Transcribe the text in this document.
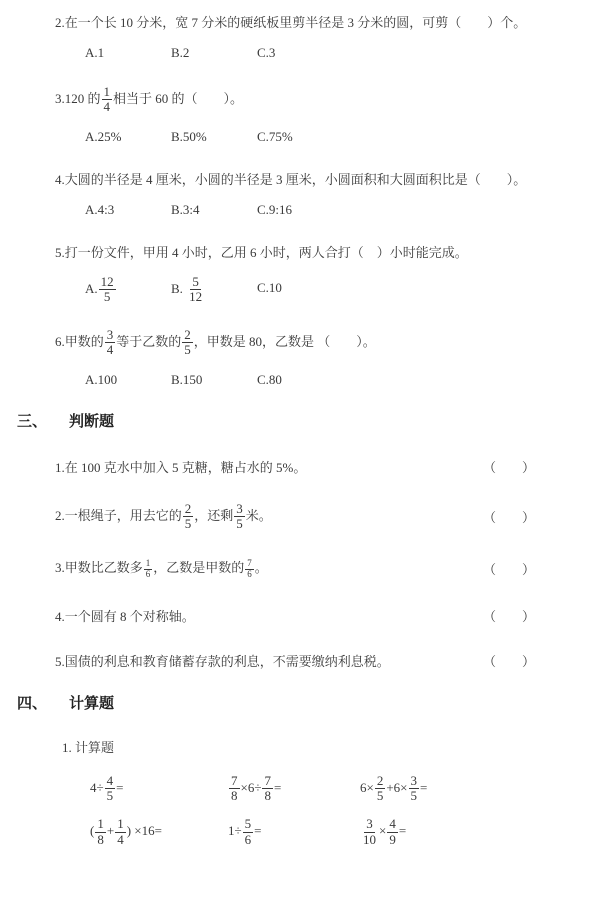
2.在一个长 10 分米，宽 7 分米的硬纸板里剪半径是 3 分米的圆，可剪（　　）个。
A.1	B.2	C.3
3.120 的 $\frac{1}{4}$ 相当于 60 的（　　）。
A.25%	B.50%	C.75%
4.大圆的半径是 4 厘米，小圆的半径是 3 厘米，小圆面积和大圆面积比是（　　）。
A.4:3	B.3:4	C.9:16
5.打一份文件，甲用 4 小时，乙用 6 小时，两人合打（　）小时能完成。
A. $\frac{12}{5}$	B. $\frac{5}{12}$	C.10
6.甲数的 $\frac{3}{4}$ 等于乙数的 $\frac{2}{5}$ ，甲数是 80，乙数是 （　　）。
A.100	B.150	C.80
三、 判断题
1.在 100 克水中加入 5 克糖，糖占水的 5%。	（　　）
2.一根绳子，用去它的 $\frac{2}{5}$ ，还剩 $\frac{3}{5}$ 米。	（　　）
3.甲数比乙数多 $\frac{1}{6}$ ，乙数是甲数的 $\frac{7}{6}$ 。	（　　）
4.一个圆有 8 个对称轴。	（　　）
5.国债的利息和教育储蓄存款的利息，不需要缴纳利息税。	（　　）
四、 计算题
1. 计算题
$4\div \frac{4}{5}$ =	$\frac{7}{8} \times 6\div \frac{7}{8}$ =	$6\times \frac{2}{5} +6\times \frac{3}{5}$ =
( $\frac{1}{8} + \frac{1}{4}$ ) ×16=	$1\div \frac{5}{6}$ =	$\frac{3}{10} \times \frac{4}{9}$ =
